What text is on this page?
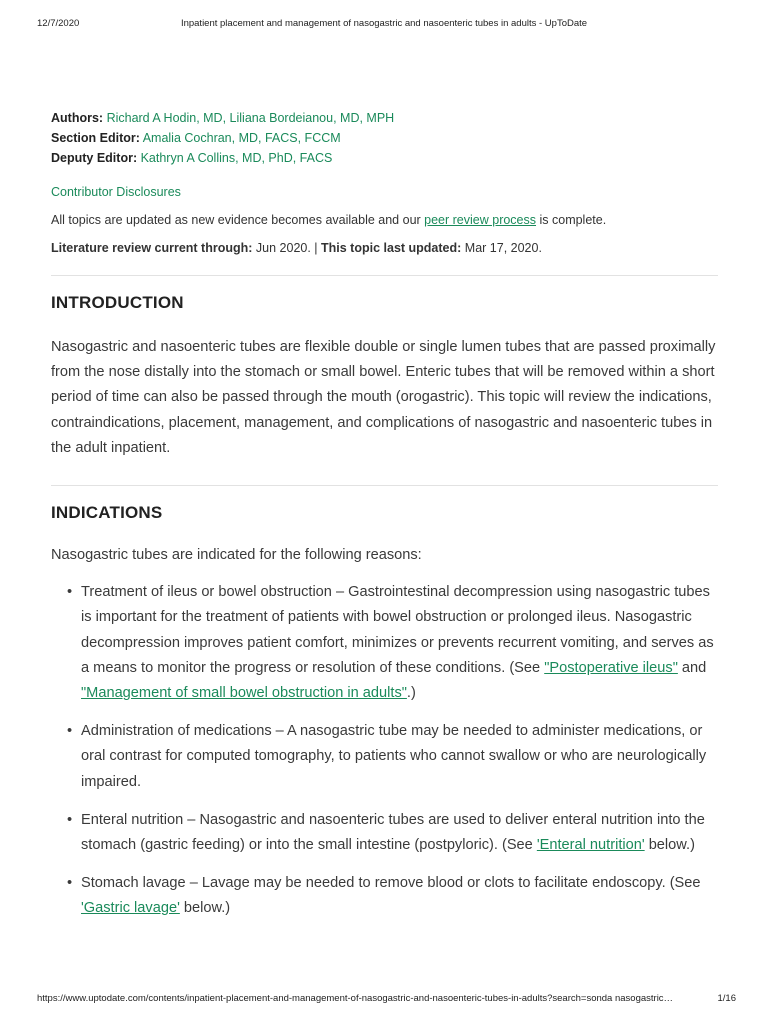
12/7/2020	Inpatient placement and management of nasogastric and nasoenteric tubes in adults - UpToDate
Authors: Richard A Hodin, MD, Liliana Bordeianou, MD, MPH
Section Editor: Amalia Cochran, MD, FACS, FCCM
Deputy Editor: Kathryn A Collins, MD, PhD, FACS
Contributor Disclosures
All topics are updated as new evidence becomes available and our peer review process is complete.
Literature review current through: Jun 2020. | This topic last updated: Mar 17, 2020.
INTRODUCTION

Nasogastric and nasoenteric tubes are flexible double or single lumen tubes that are passed proximally from the nose distally into the stomach or small bowel. Enteric tubes that will be removed within a short period of time can also be passed through the mouth (orogastric). This topic will review the indications, contraindications, placement, management, and complications of nasogastric and nasoenteric tubes in the adult inpatient.

INDICATIONS

Nasogastric tubes are indicated for the following reasons:

• Treatment of ileus or bowel obstruction – Gastrointestinal decompression using nasogastric tubes is important for the treatment of patients with bowel obstruction or prolonged ileus. Nasogastric decompression improves patient comfort, minimizes or prevents recurrent vomiting, and serves as a means to monitor the progress or resolution of these conditions. (See "Postoperative ileus" and "Management of small bowel obstruction in adults".)
• Administration of medications – A nasogastric tube may be needed to administer medications, or oral contrast for computed tomography, to patients who cannot swallow or who are neurologically impaired.
• Enteral nutrition – Nasogastric and nasoenteric tubes are used to deliver enteral nutrition into the stomach (gastric feeding) or into the small intestine (postpyloric). (See 'Enteral nutrition' below.)
• Stomach lavage – Lavage may be needed to remove blood or clots to facilitate endoscopy. (See 'Gastric lavage' below.)
https://www.uptodate.com/contents/inpatient-placement-and-management-of-nasogastric-and-nasoenteric-tubes-in-adults?search=sonda nasogastric…	1/16
